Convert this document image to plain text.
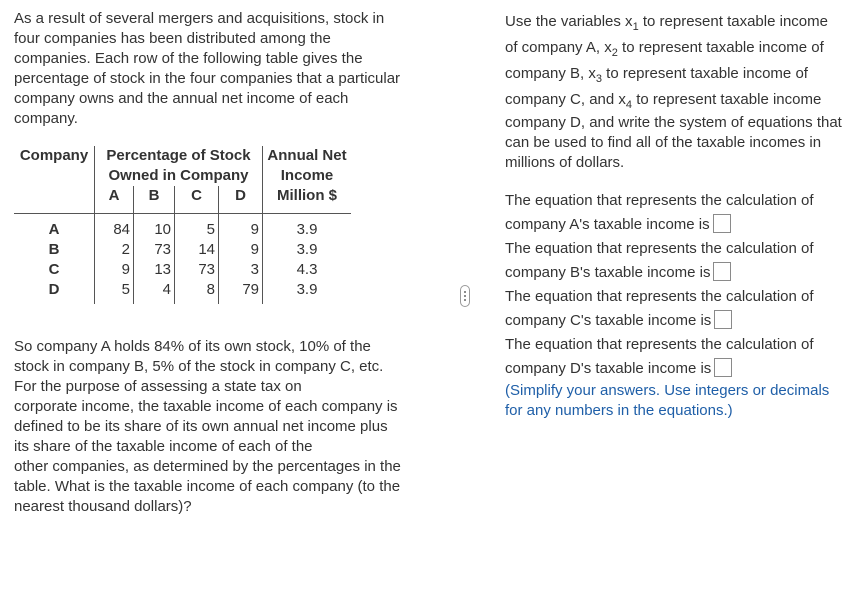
As a result of several mergers and acquisitions, stock in
four companies has been distributed among the
companies. Each row of the following table gives the
percentage of stock in the four companies that a particular
company owns and the annual net income of each
company.
Company	Percentage of Stock				Annual Net
	Owned in Company				Income
	A	B	C	D	Million $
A	84	10	5	9	3.9
B	2	73	14	9	3.9
C	9	13	73	3	4.3
D	5	4	8	79	3.9
So company A holds 84% of its own stock, 10% of the
stock in company B, 5% of the stock in company C, etc.
For the purpose of assessing a state tax on
corporate income, the taxable income of each company is
defined to be its share of its own annual net income plus
its share of the taxable income of each of the
other companies, as determined by the percentages in the
table. What is the taxable income of each company (to the
nearest thousand dollars)?
Use the variables $x_1$ to represent taxable income
of company A, $x_2$ to represent taxable income of
company B, $x_3$ to represent taxable income of
company C, and $x_4$ to represent taxable income
company D, and write the system of equations that
can be used to find all of the taxable incomes in
millions of dollars.
The equation that represents the calculation of
company A's taxable income is
The equation that represents the calculation of
company B's taxable income is
The equation that represents the calculation of
company C's taxable income is
The equation that represents the calculation of
company D's taxable income is
(Simplify your answers. Use integers or decimals
for any numbers in the equations.)
